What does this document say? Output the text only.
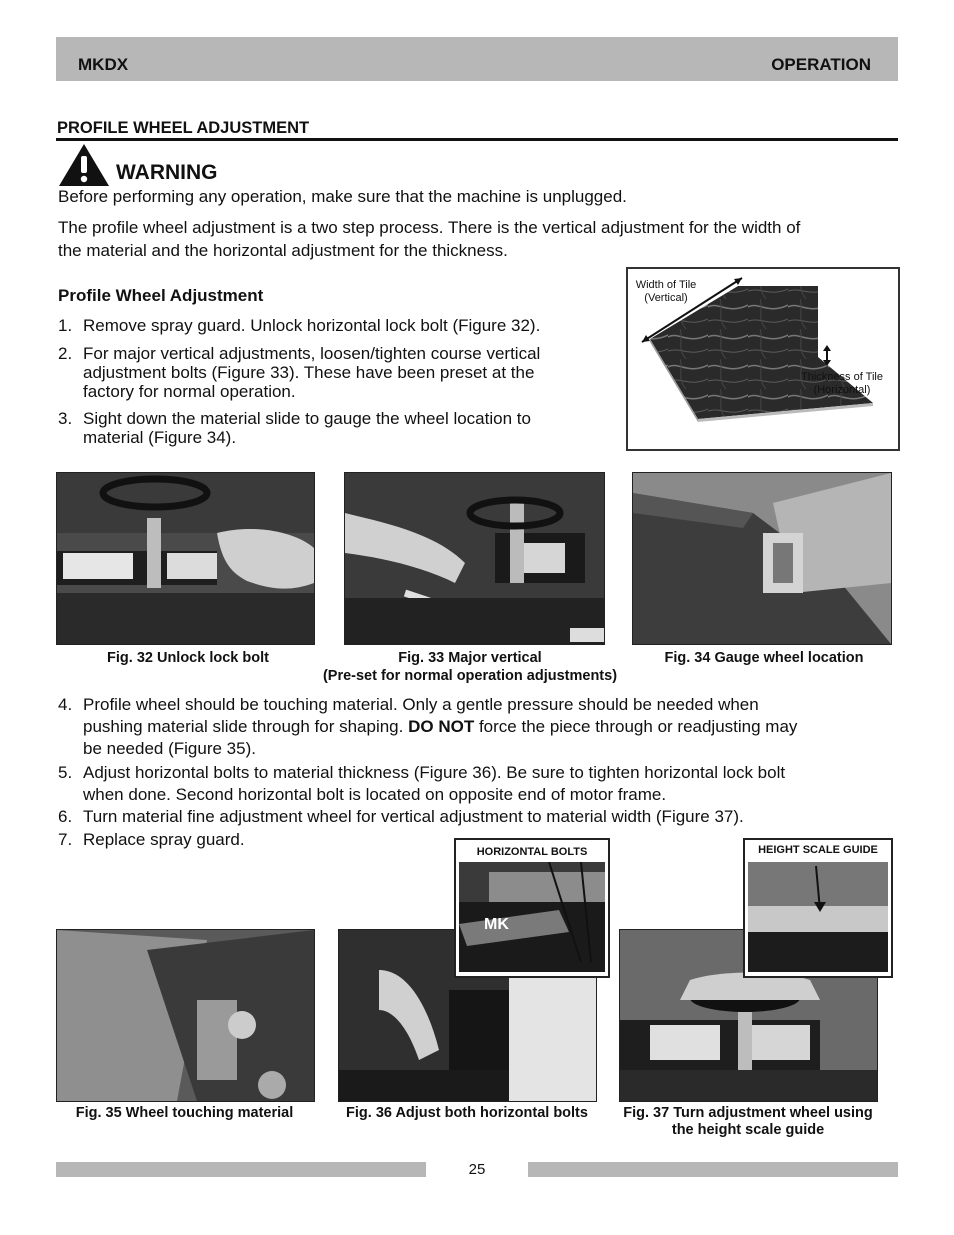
MKDX	OPERATION
PROFILE WHEEL ADJUSTMENT
WARNING
Before performing any operation, make sure that the machine is unplugged.
The profile wheel adjustment is a two step process. There is the vertical adjustment for the width of
the material and the horizontal adjustment for the thickness.
Profile Wheel Adjustment
1. Remove spray guard. Unlock horizontal lock bolt (Figure 32).
2. For major vertical adjustments, loosen/tighten course vertical
adjustment bolts (Figure 33). These have been preset at the
factory for normal operation.
3. Sight down the material slide to gauge the wheel location to
material (Figure 34).
Width of Tile
(Vertical)
Thickness of Tile
(Horizontal)
Fig. 32 Unlock lock bolt	Fig. 33 Major vertical
(Pre-set for normal operation adjustments)
Fig. 34 Gauge wheel location
4. Profile wheel should be touching material. Only a gentle pressure should be needed when
pushing material slide through for shaping. DO NOT force the piece through or readjusting may
be needed (Figure 35).
5. Adjust horizontal bolts to material thickness (Figure 36). Be sure to tighten horizontal lock bolt
when done. Second horizontal bolt is located on opposite end of motor frame.
6. Turn material fine adjustment wheel for vertical adjustment to material width (Figure 37).
7. Replace spray guard.
HORIZONTAL BOLTS
MK
HEIGHT SCALE GUIDE
Fig. 35 Wheel touching material	Fig. 36 Adjust both horizontal bolts	Fig. 37 Turn adjustment wheel using
the height scale guide
25
